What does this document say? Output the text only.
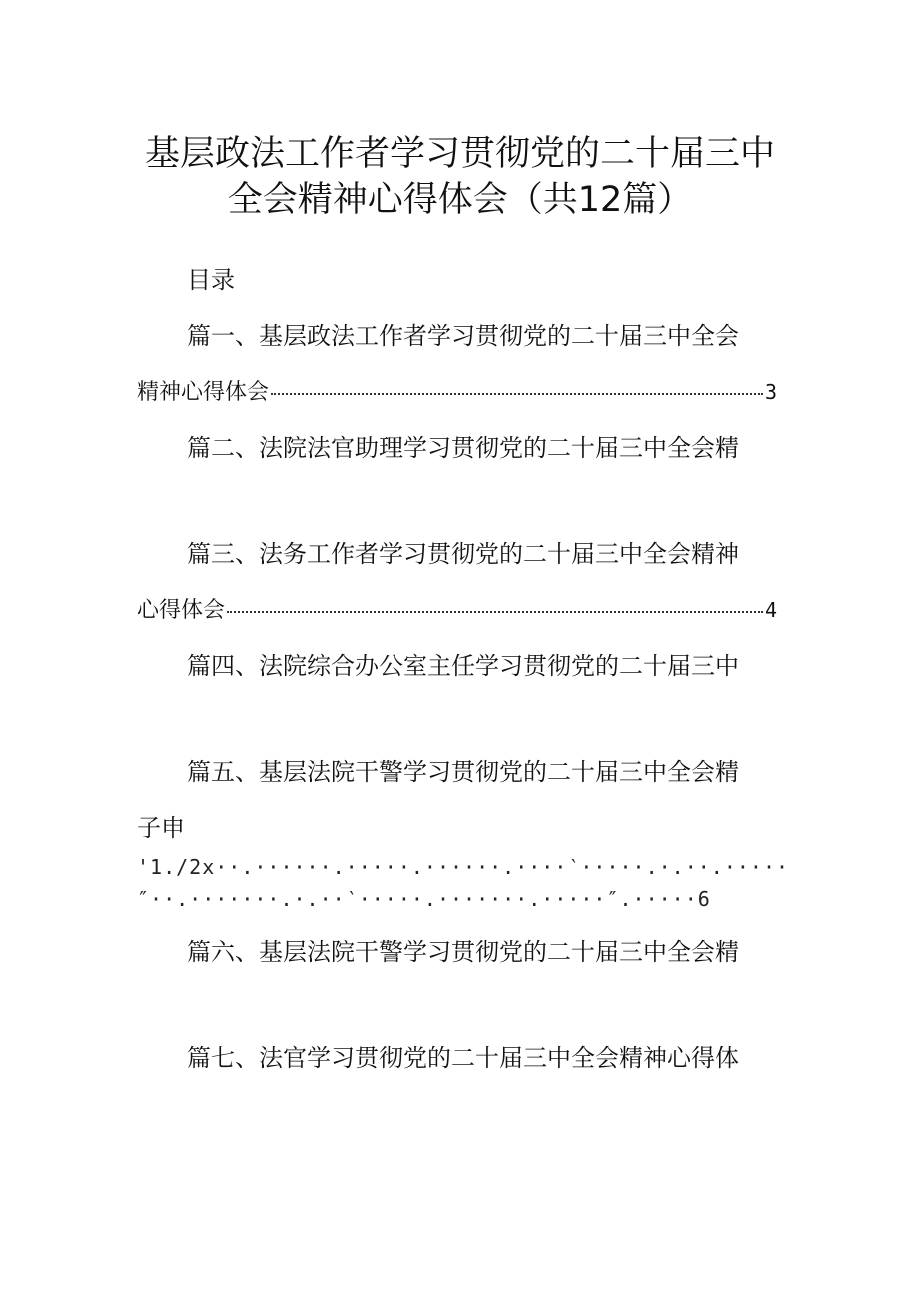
基层政法工作者学习贯彻党的二十届三中
全会精神心得体会（共12篇）
目录
篇一、基层政法工作者学习贯彻党的二十届三中全会
精神心得体会	3
篇二、法院法官助理学习贯彻党的二十届三中全会精
篇三、法务工作者学习贯彻党的二十届三中全会精神
心得体会	4
篇四、法院综合办公室主任学习贯彻党的二十届三中
篇五、基层法院干警学习贯彻党的二十届三中全会精
子申
'1./2x··.······.·····.······.····‵·····.·.··.·····
″··.·······.·.··‵·····.·······.·····″.·····6
篇六、基层法院干警学习贯彻党的二十届三中全会精
篇七、法官学习贯彻党的二十届三中全会精神心得体
